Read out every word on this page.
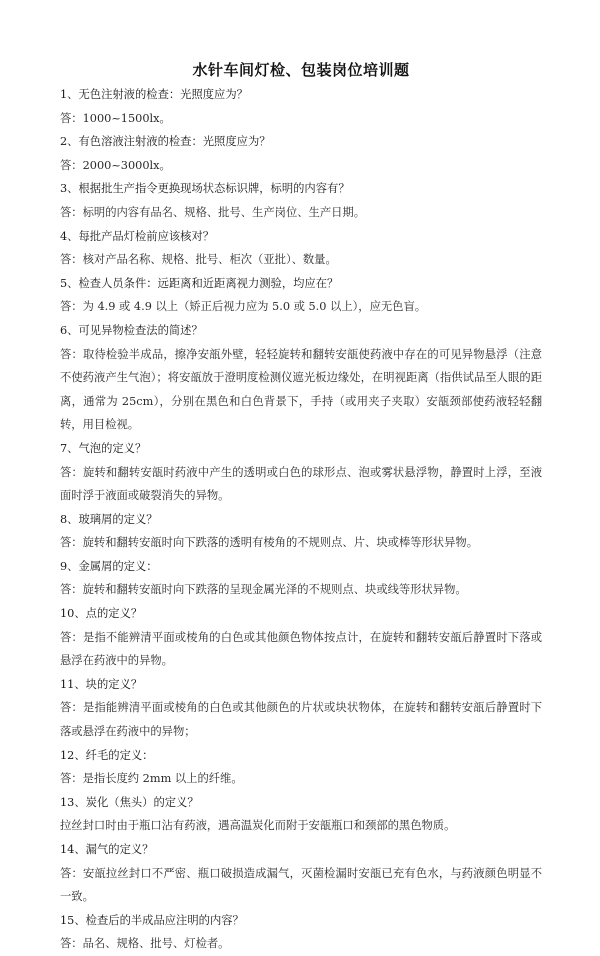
水针车间灯检、包装岗位培训题

1、无色注射液的检查：光照度应为？

答：1000~1500lx。

2、有色溶液注射液的检查：光照度应为？

答：2000~3000lx。

3、根据批生产指令更换现场状态标识牌，标明的内容有？

答：标明的内容有品名、规格、批号、生产岗位、生产日期。

4、每批产品灯检前应该核对？

答：核对产品名称、规格、批号、柜次（亚批）、数量。

5、检查人员条件：远距离和近距离视力测验，均应在？

答：为 4.9 或 4.9 以上（矫正后视力应为 5.0 或 5.0 以上），应无色盲。

6、可见异物检查法的简述？

答：取待检验半成品，擦净安瓿外壁，轻轻旋转和翻转安瓿使药液中存在的可见异物悬浮（注意不使药液产生气泡）；将安瓿放于澄明度检测仪遮光板边缘处，在明视距离（指供试品至人眼的距离，通常为 25cm），分别在黑色和白色背景下，手持（或用夹子夹取）安瓿颈部使药液轻轻翻转，用目检视。

7、气泡的定义？

答：旋转和翻转安瓿时药液中产生的透明或白色的球形点、泡或雾状悬浮物，静置时上浮，至液面时浮于液面或破裂消失的异物。

8、玻璃屑的定义？

答：旋转和翻转安瓿时向下跌落的透明有棱角的不规则点、片、块或棒等形状异物。

9、金属屑的定义：

答：旋转和翻转安瓿时向下跌落的呈现金属光泽的不规则点、块或线等形状异物。

10、点的定义？

答：是指不能辨清平面或棱角的白色或其他颜色物体按点计，在旋转和翻转安瓿后静置时下落或悬浮在药液中的异物。

11、块的定义？

答：是指能辨清平面或棱角的白色或其他颜色的片状或块状物体，在旋转和翻转安瓿后静置时下落或悬浮在药液中的异物；

12、纤毛的定义：

答：是指长度约 2mm 以上的纤维。

13、炭化（焦头）的定义？

拉丝封口时由于瓶口沾有药液，遇高温炭化而附于安瓿瓶口和颈部的黑色物质。

14、漏气的定义？

答：安瓿拉丝封口不严密、瓶口破损造成漏气，灭菌检漏时安瓿已充有色水，与药液颜色明显不一致。

15、检查后的半成品应注明的内容？

答：品名、规格、批号、灯检者。
